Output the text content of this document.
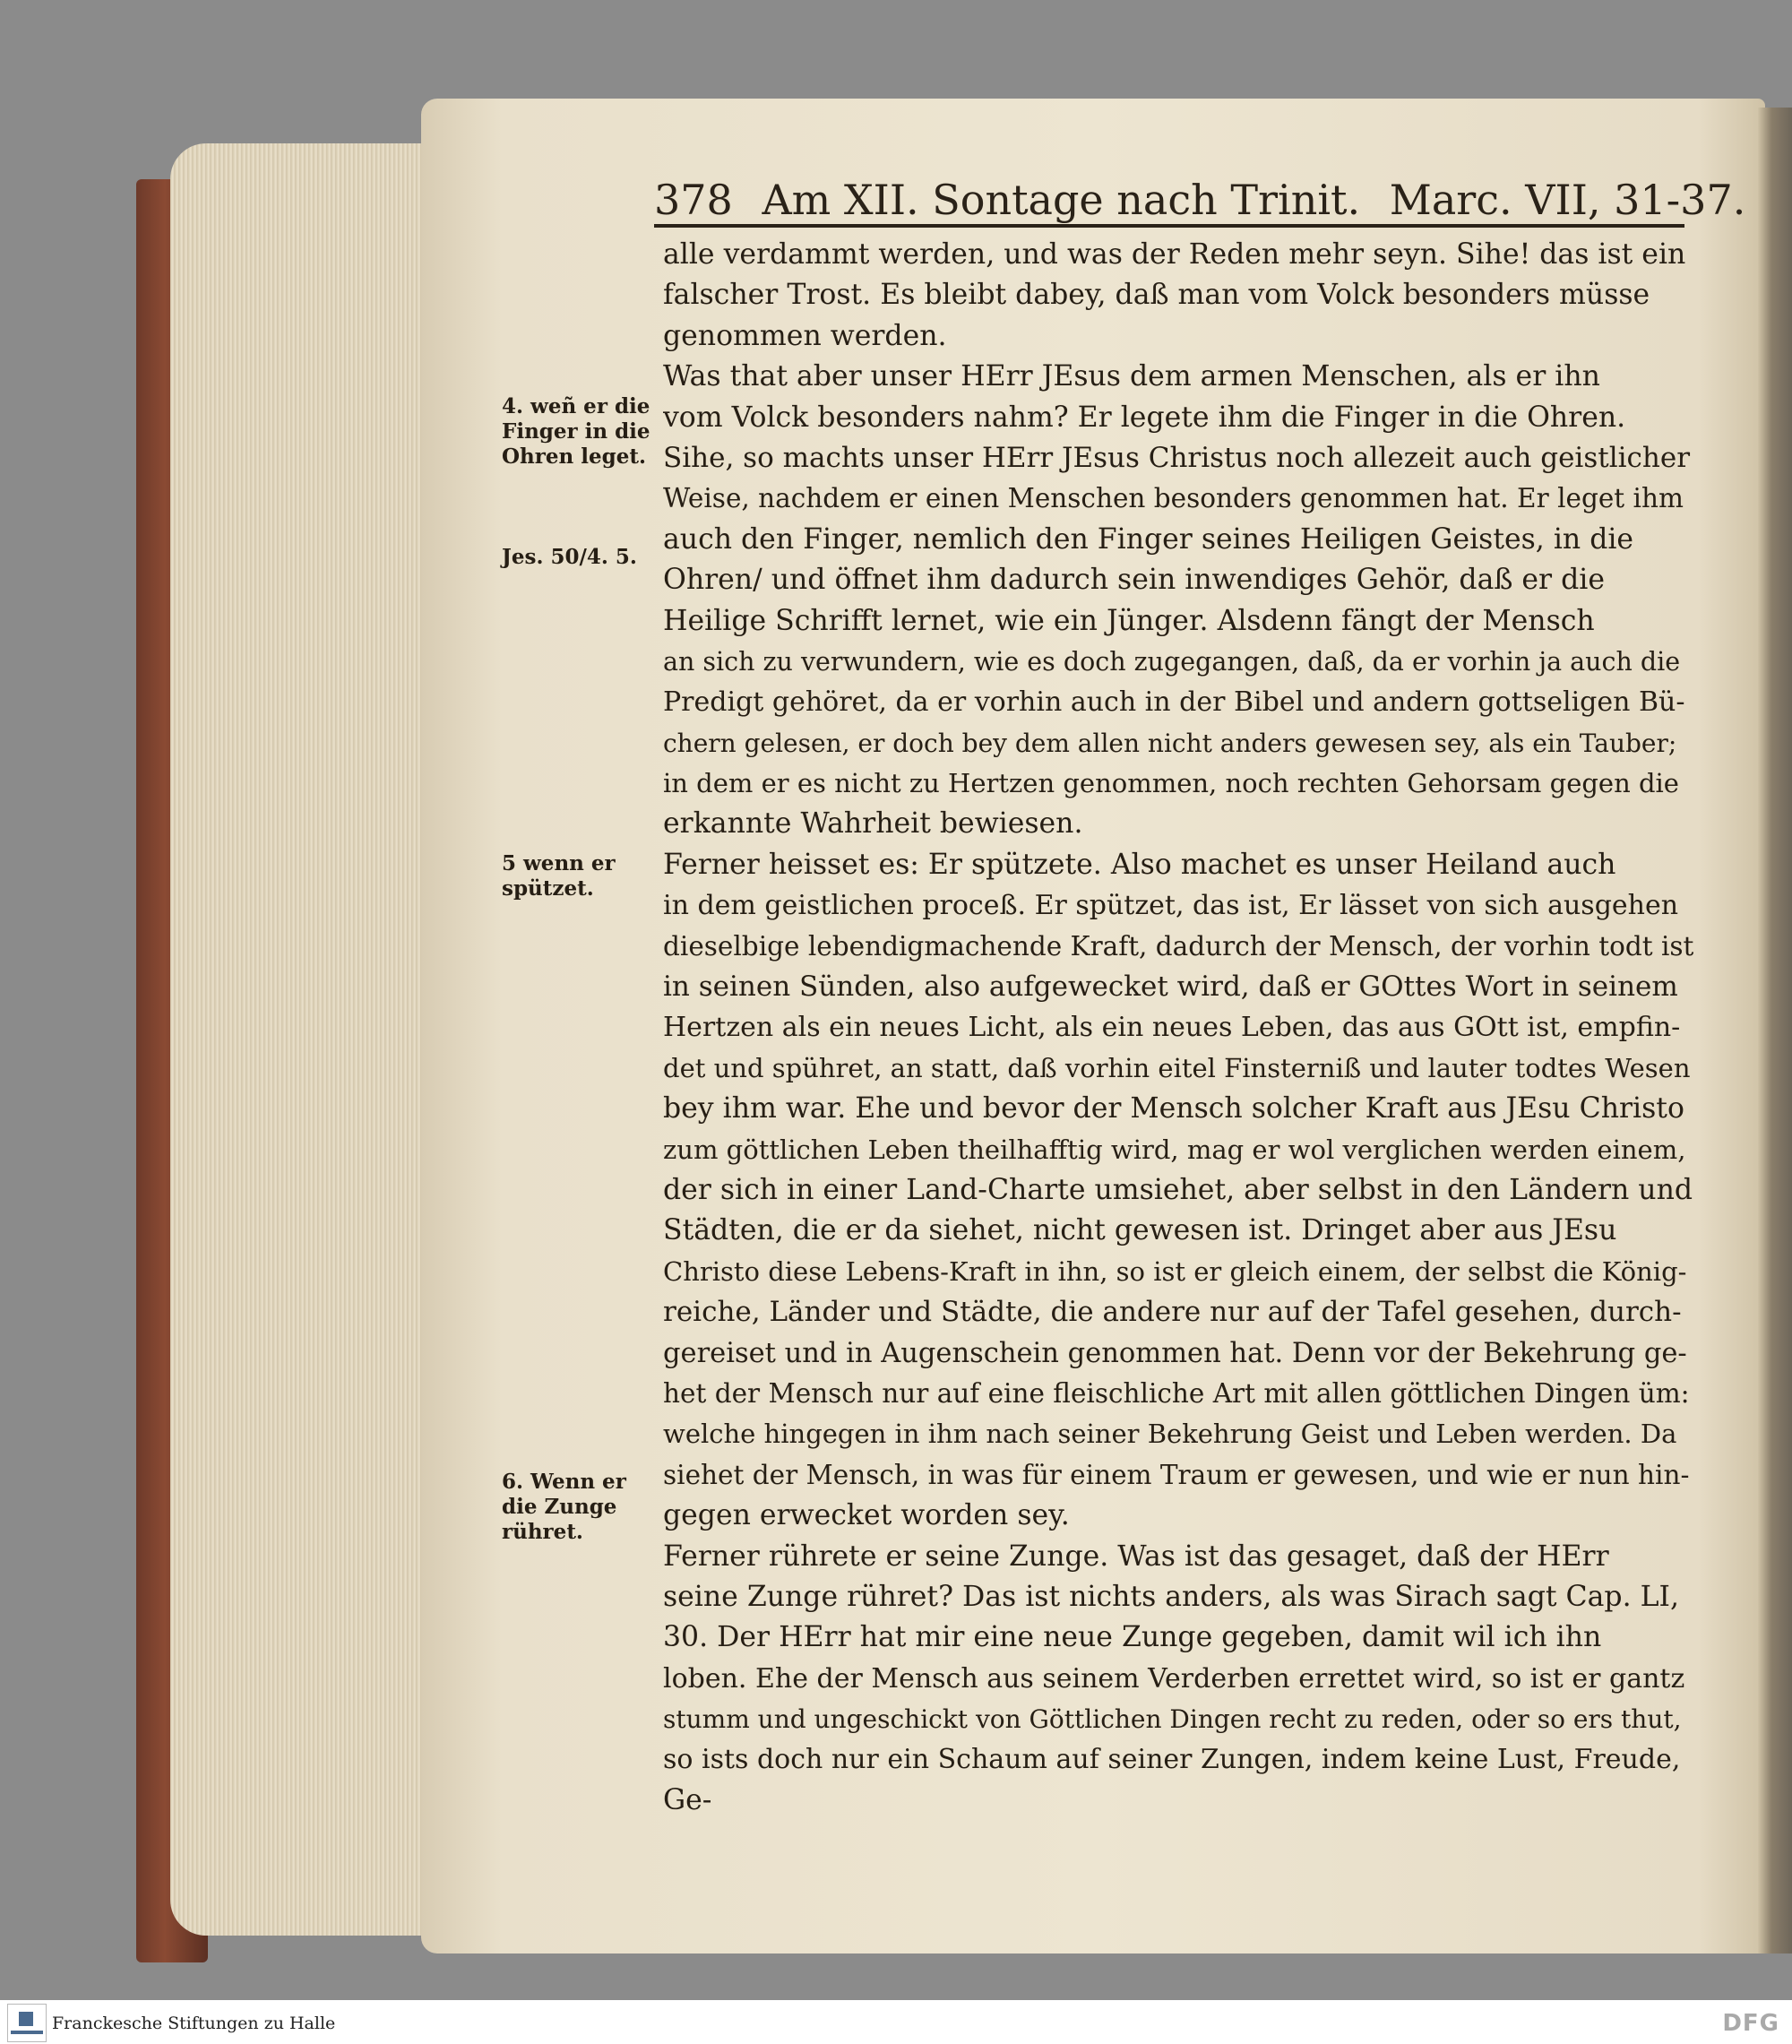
378 Am XII. Sontage nach Trinit. Marc. VII, 31-37.
4. weñ er die Finger in die Ohren leget.
Jes. 50/4. 5.
5 wenn er spützet.
6. Wenn er die Zunge rühret.
alle verdammt werden, und was der Reden mehr seyn. Sihe! das ist ein
falscher Trost. Es bleibt dabey, daß man vom Volck besonders müsse
genommen werden.
Was that aber unser HErr JEsus dem armen Menschen, als er ihn
vom Volck besonders nahm? Er legete ihm die Finger in die Ohren.
Sihe, so machts unser HErr JEsus Christus noch allezeit auch geistlicher
Weise, nachdem er einen Menschen besonders genommen hat. Er leget ihm
auch den Finger, nemlich den Finger seines Heiligen Geistes, in die
Ohren/ und öffnet ihm dadurch sein inwendiges Gehör, daß er die
Heilige Schrifft lernet, wie ein Jünger. Alsdenn fängt der Mensch
an sich zu verwundern, wie es doch zugegangen, daß, da er vorhin ja auch die
Predigt gehöret, da er vorhin auch in der Bibel und andern gottseligen Bü-
chern gelesen, er doch bey dem allen nicht anders gewesen sey, als ein Tauber;
in dem er es nicht zu Hertzen genommen, noch rechten Gehorsam gegen die
erkannte Wahrheit bewiesen.
Ferner heisset es: Er spützete. Also machet es unser Heiland auch
in dem geistlichen proceß. Er spützet, das ist, Er lässet von sich ausgehen
dieselbige lebendigmachende Kraft, dadurch der Mensch, der vorhin todt ist
in seinen Sünden, also aufgewecket wird, daß er GOttes Wort in seinem
Hertzen als ein neues Licht, als ein neues Leben, das aus GOtt ist, empfin-
det und spühret, an statt, daß vorhin eitel Finsterniß und lauter todtes Wesen
bey ihm war. Ehe und bevor der Mensch solcher Kraft aus JEsu Christo
zum göttlichen Leben theilhafftig wird, mag er wol verglichen werden einem,
der sich in einer Land-Charte umsiehet, aber selbst in den Ländern und
Städten, die er da siehet, nicht gewesen ist. Dringet aber aus JEsu
Christo diese Lebens-Kraft in ihn, so ist er gleich einem, der selbst die König-
reiche, Länder und Städte, die andere nur auf der Tafel gesehen, durch-
gereiset und in Augenschein genommen hat. Denn vor der Bekehrung ge-
het der Mensch nur auf eine fleischliche Art mit allen göttlichen Dingen üm:
welche hingegen in ihm nach seiner Bekehrung Geist und Leben werden. Da
siehet der Mensch, in was für einem Traum er gewesen, und wie er nun hin-
gegen erwecket worden sey.
Ferner rührete er seine Zunge. Was ist das gesaget, daß der HErr
seine Zunge rühret? Das ist nichts anders, als was Sirach sagt Cap. LI,
30. Der HErr hat mir eine neue Zunge gegeben, damit wil ich ihn
loben. Ehe der Mensch aus seinem Verderben errettet wird, so ist er gantz
stumm und ungeschickt von Göttlichen Dingen recht zu reden, oder so ers thut,
so ists doch nur ein Schaum auf seiner Zungen, indem keine Lust, Freude,
Ge-
Franckesche Stiftungen zu Halle	DFG
